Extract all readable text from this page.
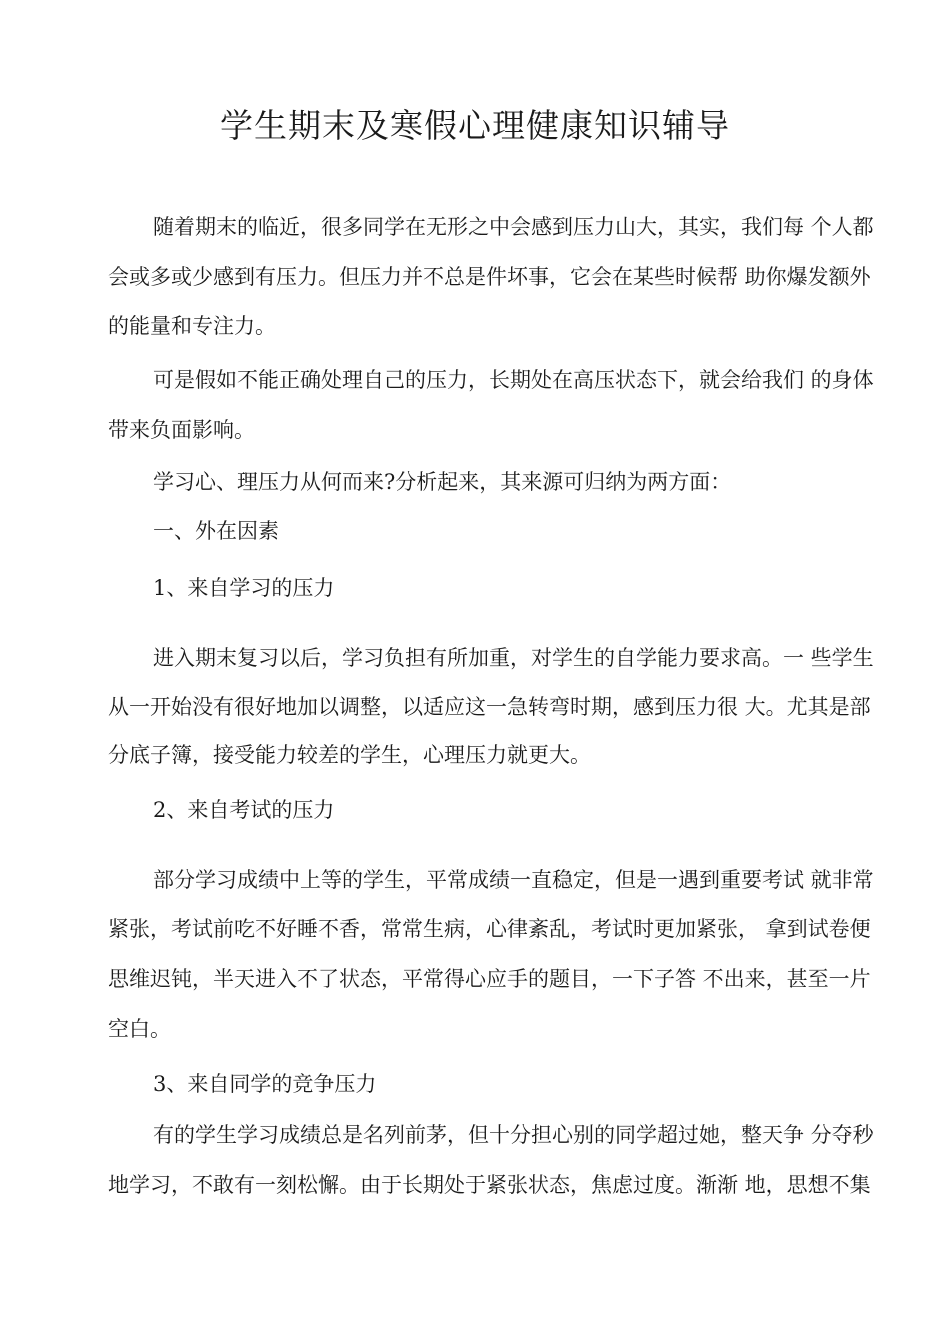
学生期末及寒假心理健康知识辅导

随着期末的临近，很多同学在无形之中会感到压力山大，其实，我们每 个人都

会或多或少感到有压力。但压力并不总是件坏事，它会在某些时候帮 助你爆发额外

的能量和专注力。

可是假如不能正确处理自己的压力，长期处在高压状态下，就会给我们 的身体

带来负面影响。

学习心、理压力从何而来?分析起来，其来源可归纳为两方面：

一、外在因素

1、来自学习的压力

进入期末复习以后，学习负担有所加重，对学生的自学能力要求高。一 些学生

从一开始没有很好地加以调整，以适应这一急转弯时期，感到压力很 大。尤其是部

分底子簿，接受能力较差的学生，心理压力就更大。

2、来自考试的压力

部分学习成绩中上等的学生，平常成绩一直稳定，但是一遇到重要考试 就非常

紧张，考试前吃不好睡不香，常常生病，心律紊乱，考试时更加紧张， 拿到试卷便

思维迟钝，半天进入不了状态，平常得心应手的题目，一下子答 不出来，甚至一片

空白。

3、来自同学的竞争压力

有的学生学习成绩总是名列前茅，但十分担心别的同学超过她，整天争 分夺秒

地学习，不敢有一刻松懈。由于长期处于紧张状态，焦虑过度。渐渐 地，思想不集
